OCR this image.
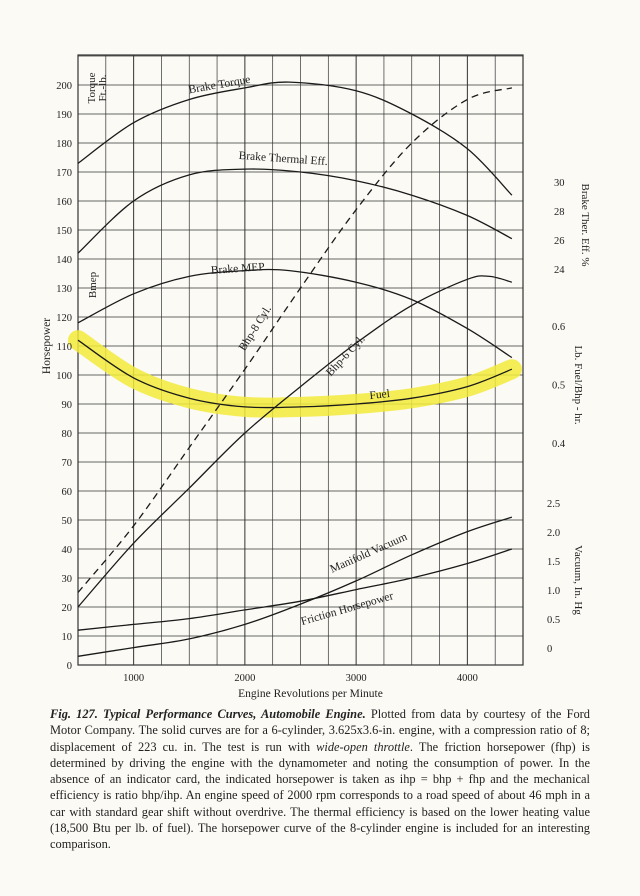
0
10
20
30
40
50
60
70
80
90
100
110
120
130
140
150
160
170
180
190
200
1000	2000	3000	4000
24
26
28
30
0.4
0.5
0.6
0
0.5
1.0
1.5
2.0
2.5
Engine Revolutions per Minute
Horsepower
Torque Ft.-lb.
Bmep
Brake Ther. Eff. %
Lb. Fuel/Bhp - hr.
Vacuum, In. Hg
Brake Torque
Brake Thermal Eff.
Brake MEP
Bhp-8 Cyl.
Bhp-6 Cyl.
Fuel
Manifold Vacuum
Friction Horsepower
Fig. 127. Typical Performance Curves, Automobile Engine. Plotted from data by courtesy of the Ford Motor Company. The solid curves are for a 6-cylinder, 3.625x3.6-in. engine, with a compression ratio of 8; displacement of 223 cu. in. The test is run with wide-open throttle. The friction horsepower (fhp) is determined by driving the engine with the dynamometer and noting the consumption of power. In the absence of an indicator card, the indicated horsepower is taken as ihp = bhp + fhp and the mechanical efficiency is ratio bhp/ihp. An engine speed of 2000 rpm corresponds to a road speed of about 46 mph in a car with standard gear shift without overdrive. The thermal efficiency is based on the lower heating value (18,500 Btu per lb. of fuel). The horsepower curve of the 8-cylinder engine is included for an interesting comparison.
